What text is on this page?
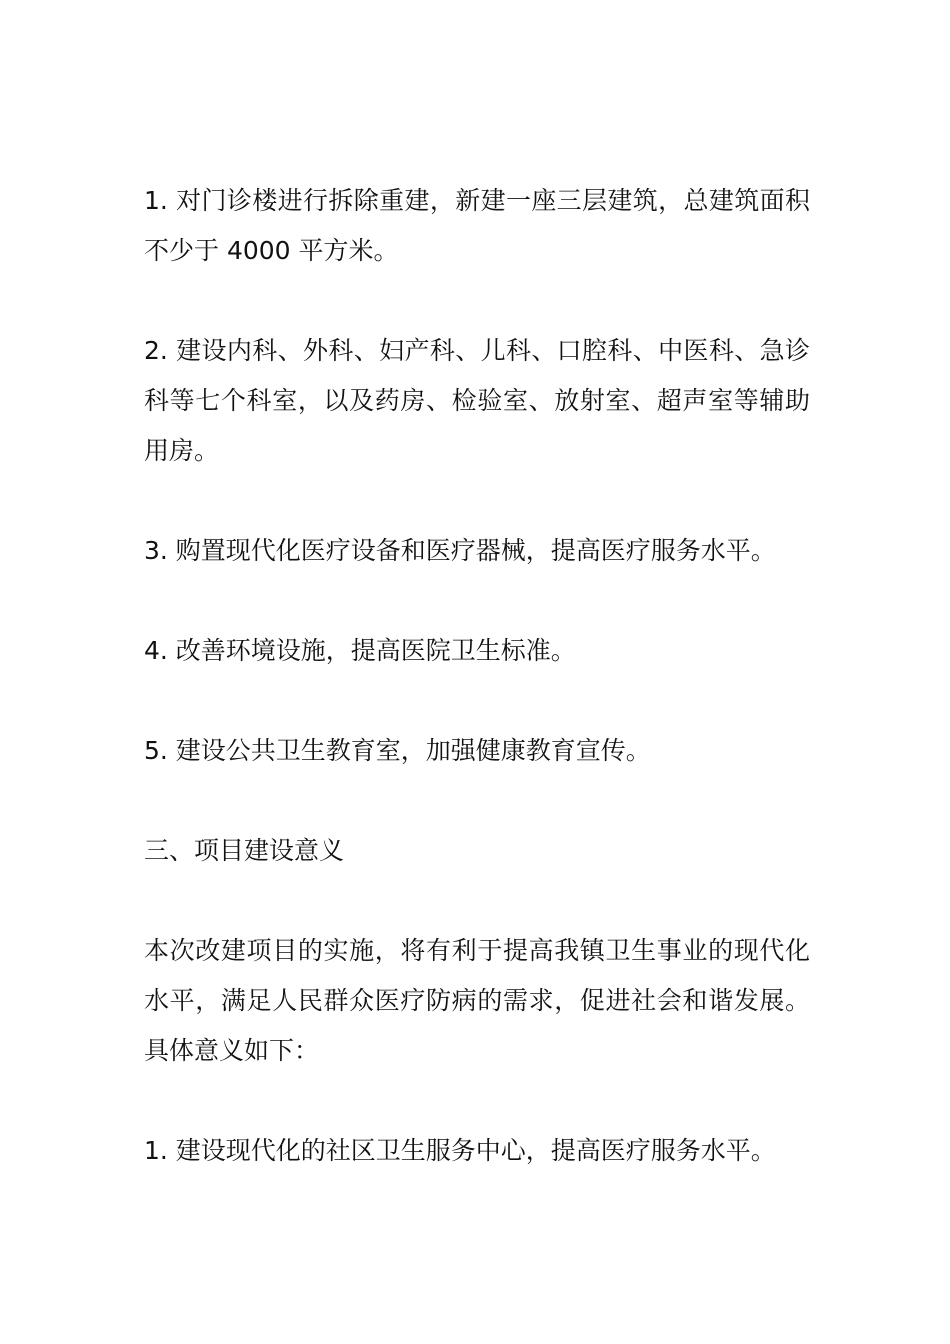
1. 对门诊楼进行拆除重建，新建一座三层建筑，总建筑面积不少于 4000 平方米。

2. 建设内科、外科、妇产科、儿科、口腔科、中医科、急诊科等七个科室，以及药房、检验室、放射室、超声室等辅助用房。

3. 购置现代化医疗设备和医疗器械，提高医疗服务水平。

4. 改善环境设施，提高医院卫生标准。

5. 建设公共卫生教育室，加强健康教育宣传。

三、项目建设意义

本次改建项目的实施，将有利于提高我镇卫生事业的现代化水平，满足人民群众医疗防病的需求，促进社会和谐发展。具体意义如下：

1. 建设现代化的社区卫生服务中心，提高医疗服务水平。
